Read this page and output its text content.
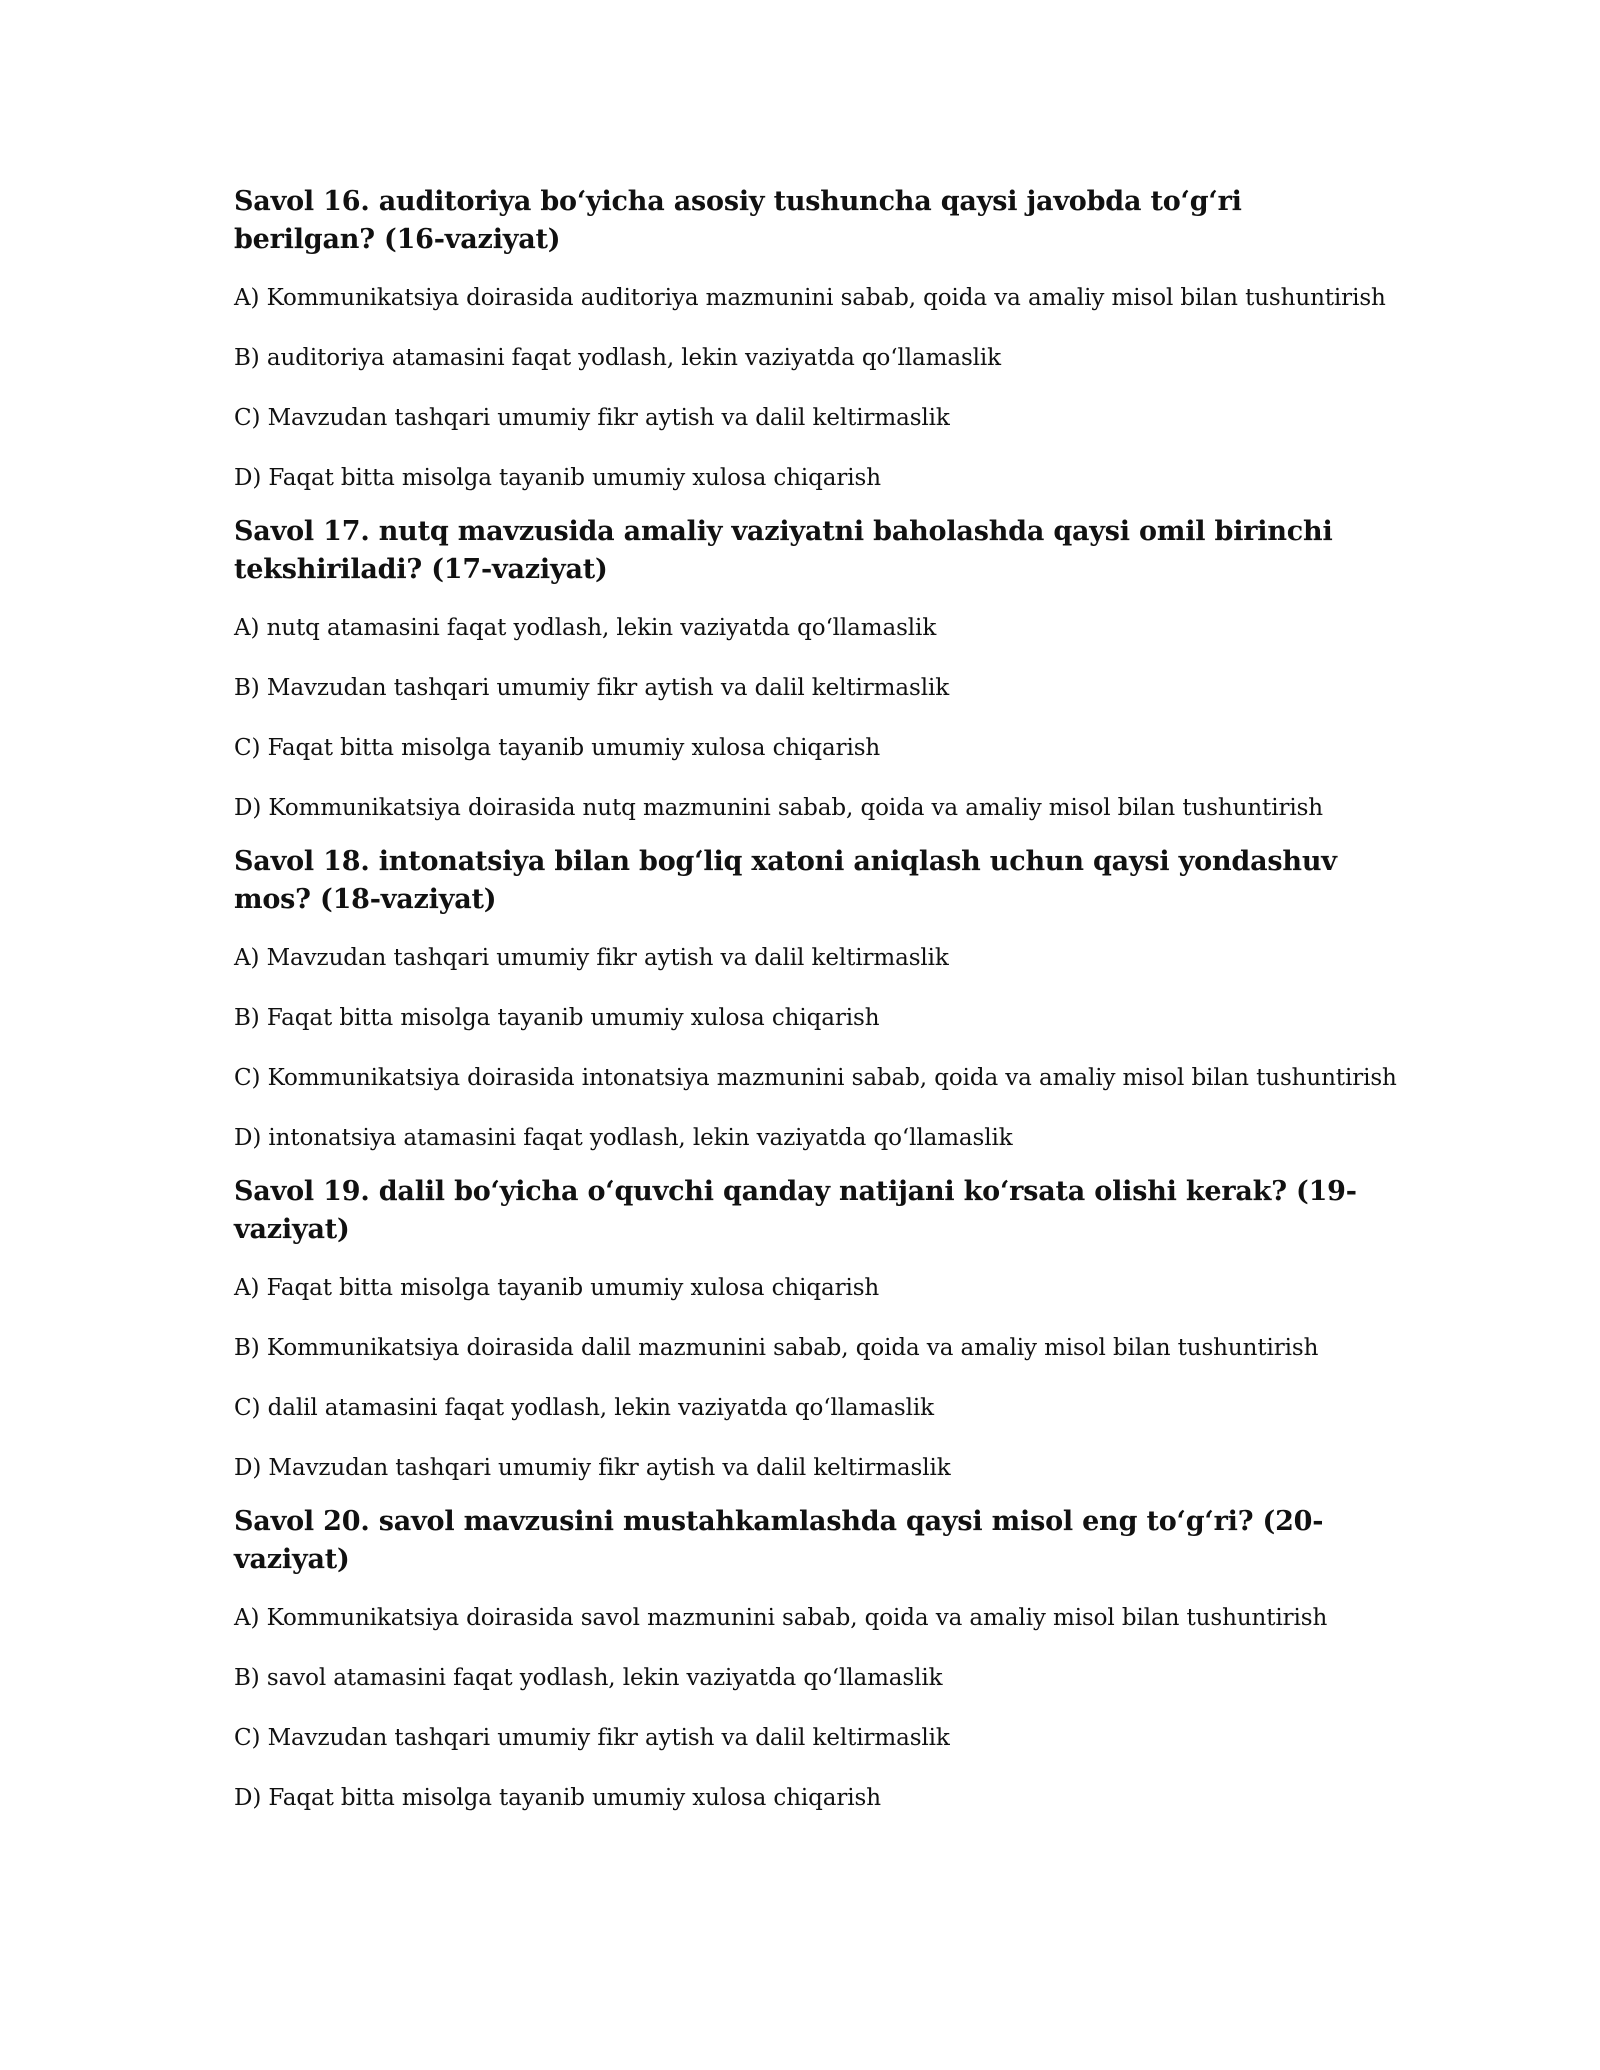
Savol 16. auditoriya bo‘yicha asosiy tushuncha qaysi javobda to‘g‘ri berilgan? (16-vaziyat)

A) Kommunikatsiya doirasida auditoriya mazmunini sabab, qoida va amaliy misol bilan tushuntirish

B) auditoriya atamasini faqat yodlash, lekin vaziyatda qo‘llamaslik

C) Mavzudan tashqari umumiy fikr aytish va dalil keltirmaslik

D) Faqat bitta misolga tayanib umumiy xulosa chiqarish

Savol 17. nutq mavzusida amaliy vaziyatni baholashda qaysi omil birinchi tekshiriladi? (17-vaziyat)

A) nutq atamasini faqat yodlash, lekin vaziyatda qo‘llamaslik

B) Mavzudan tashqari umumiy fikr aytish va dalil keltirmaslik

C) Faqat bitta misolga tayanib umumiy xulosa chiqarish

D) Kommunikatsiya doirasida nutq mazmunini sabab, qoida va amaliy misol bilan tushuntirish

Savol 18. intonatsiya bilan bog‘liq xatoni aniqlash uchun qaysi yondashuv mos? (18-vaziyat)

A) Mavzudan tashqari umumiy fikr aytish va dalil keltirmaslik

B) Faqat bitta misolga tayanib umumiy xulosa chiqarish

C) Kommunikatsiya doirasida intonatsiya mazmunini sabab, qoida va amaliy misol bilan tushuntirish

D) intonatsiya atamasini faqat yodlash, lekin vaziyatda qo‘llamaslik

Savol 19. dalil bo‘yicha o‘quvchi qanday natijani ko‘rsata olishi kerak? (19-vaziyat)

A) Faqat bitta misolga tayanib umumiy xulosa chiqarish

B) Kommunikatsiya doirasida dalil mazmunini sabab, qoida va amaliy misol bilan tushuntirish

C) dalil atamasini faqat yodlash, lekin vaziyatda qo‘llamaslik

D) Mavzudan tashqari umumiy fikr aytish va dalil keltirmaslik

Savol 20. savol mavzusini mustahkamlashda qaysi misol eng to‘g‘ri? (20-vaziyat)

A) Kommunikatsiya doirasida savol mazmunini sabab, qoida va amaliy misol bilan tushuntirish

B) savol atamasini faqat yodlash, lekin vaziyatda qo‘llamaslik

C) Mavzudan tashqari umumiy fikr aytish va dalil keltirmaslik

D) Faqat bitta misolga tayanib umumiy xulosa chiqarish
